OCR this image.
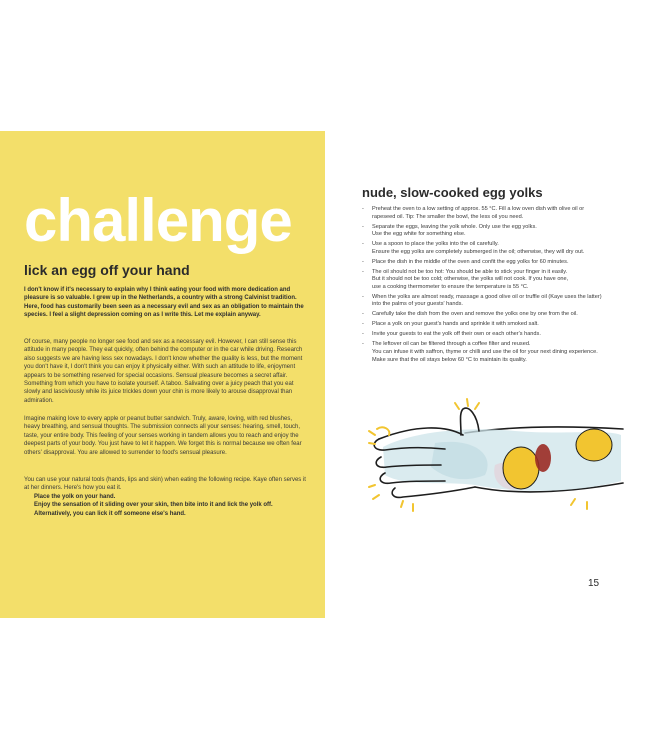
challenge
lick an egg off your hand

I don't know if it's necessary to explain why I think eating your food with more dedication and pleasure is so valuable. I grew up in the Netherlands, a country with a strong Calvinist tradition. Here, food has customarily been seen as a necessary evil and sex as an obligation to maintain the species. I feel a slight depression coming on as I write this. Let me explain anyway.

Of course, many people no longer see food and sex as a necessary evil. However, I can still sense this attitude in many people. They eat quickly, often behind the computer or in the car while driving. Research also suggests we are having less sex nowadays. I don't know whether the quality is less, but the moment you don't have it, I don't think you can enjoy it physically either. With such an attitude to life, enjoyment appears to be something reserved for special occasions. Sensual pleasure becomes a secret affair. Something from which you have to isolate yourself. A taboo. Salivating over a juicy peach that you eat slowly and lasciviously while its juice trickles down your chin is more likely to arouse disapproval than admiration.

Imagine making love to every apple or peanut butter sandwich. Truly, aware, loving, with red blushes, heavy breathing, and sensual thoughts. The submission connects all your senses: hearing, smell, touch, taste, your entire body. This feeling of your senses working in tandem allows you to reach and enjoy the deepest parts of your body. You just have to let it happen. We forget this is normal because we often fear others' disapproval. You are allowed to surrender to food's sensual pleasure.

You can use your natural tools (hands, lips and skin) when eating the following recipe. Kaye often serves it at her dinners. Here's how you eat it.

Place the yolk on your hand.
Enjoy the sensation of it sliding over your skin, then bite into it and lick the yolk off.
Alternatively, you can lick it off someone else's hand.
nude, slow-cooked egg yolks
- Preheat the oven to a low setting of approx. 55 °C. Fill a low oven dish with olive oil or
rapeseed oil. Tip: The smaller the bowl, the less oil you need.
- Separate the eggs, leaving the yolk whole. Only use the egg yolks.
Use the egg white for something else.
- Use a spoon to place the yolks into the oil carefully.
Ensure the egg yolks are completely submerged in the oil; otherwise, they will dry out.
- Place the dish in the middle of the oven and confit the egg yolks for 60 minutes.
- The oil should not be too hot: You should be able to stick your finger in it easily.
But it should not be too cold; otherwise, the yolks will not cook. If you have one,
use a cooking thermometer to ensure the temperature is 55 °C.
- When the yolks are almost ready, massage a good olive oil or truffle oil (Kaye uses the latter)
into the palms of your guests' hands.
- Carefully take the dish from the oven and remove the yolks one by one from the oil.
- Place a yolk on your guest's hands and sprinkle it with smoked salt.
- Invite your guests to eat the yolk off their own or each other's hands.
- The leftover oil can be filtered through a coffee filter and reused.
You can infuse it with saffron, thyme or chilli and use the oil for your next dining experience.
Make sure that the oil stays below 60 °C to maintain its quality.

15
